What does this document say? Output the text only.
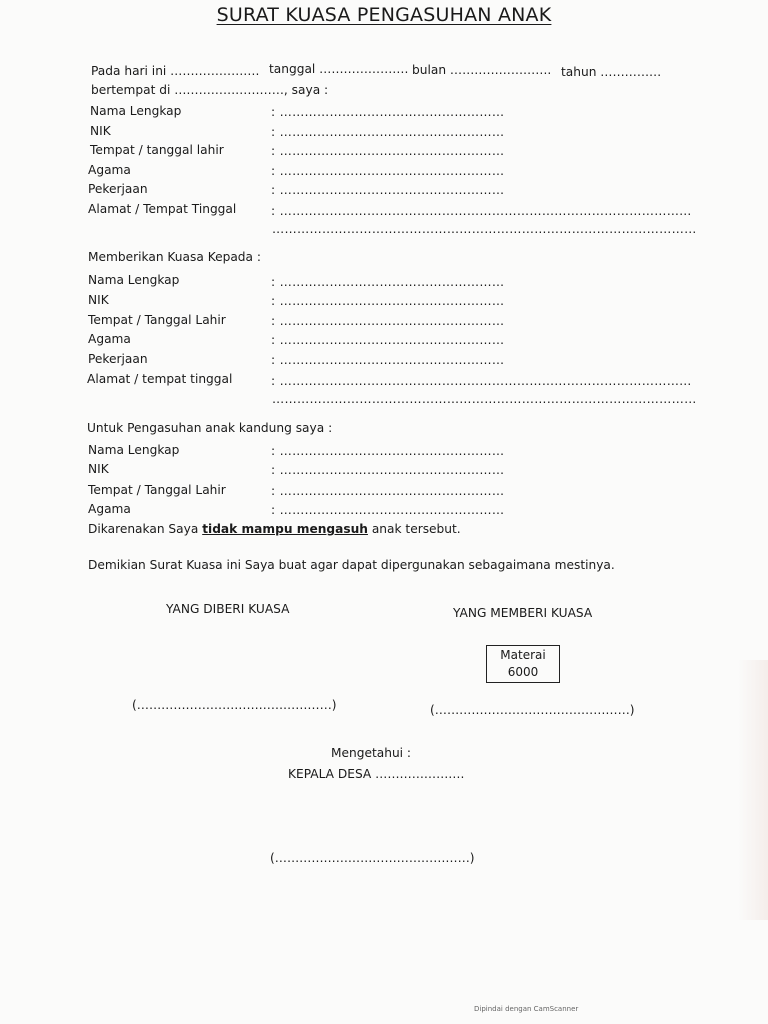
SURAT KUASA PENGASUHAN ANAK
Pada hari ini …………………. tanggal …………………. bulan ……………………. tahun ……………
bertempat di ………………………, saya :
Nama Lengkap	: ………………………………………………
NIK	: ………………………………………………
Tempat / tanggal lahir	: ………………………………………………
Agama	: ………………………………………………
Pekerjaan	: ………………………………………………
Alamat / Tempat Tinggal	: ………………………………………………………………………………………
…………………………………………………………………………………………
Memberikan Kuasa Kepada :
Nama Lengkap	: ………………………………………………
NIK	: ………………………………………………
Tempat / Tanggal Lahir	: ………………………………………………
Agama	: ………………………………………………
Pekerjaan	: ………………………………………………
Alamat / tempat tinggal	: ………………………………………………………………………………………
…………………………………………………………………………………………
Untuk Pengasuhan anak kandung saya :
Nama Lengkap	: ………………………………………………
NIK	: ………………………………………………
Tempat / Tanggal Lahir	: ………………………………………………
Agama	: ………………………………………………
Dikarenakan Saya tidak mampu mengasuh anak tersebut.
Demikian Surat Kuasa ini Saya buat agar dapat dipergunakan sebagaimana mestinya.
YANG DIBERI KUASA	YANG MEMBERI KUASA
Materai
6000
(…………………………………………)	(…………………………………………)
Mengetahui :
KEPALA DESA ………………….
(…………………………………………)
Dipindai dengan CamScanner
